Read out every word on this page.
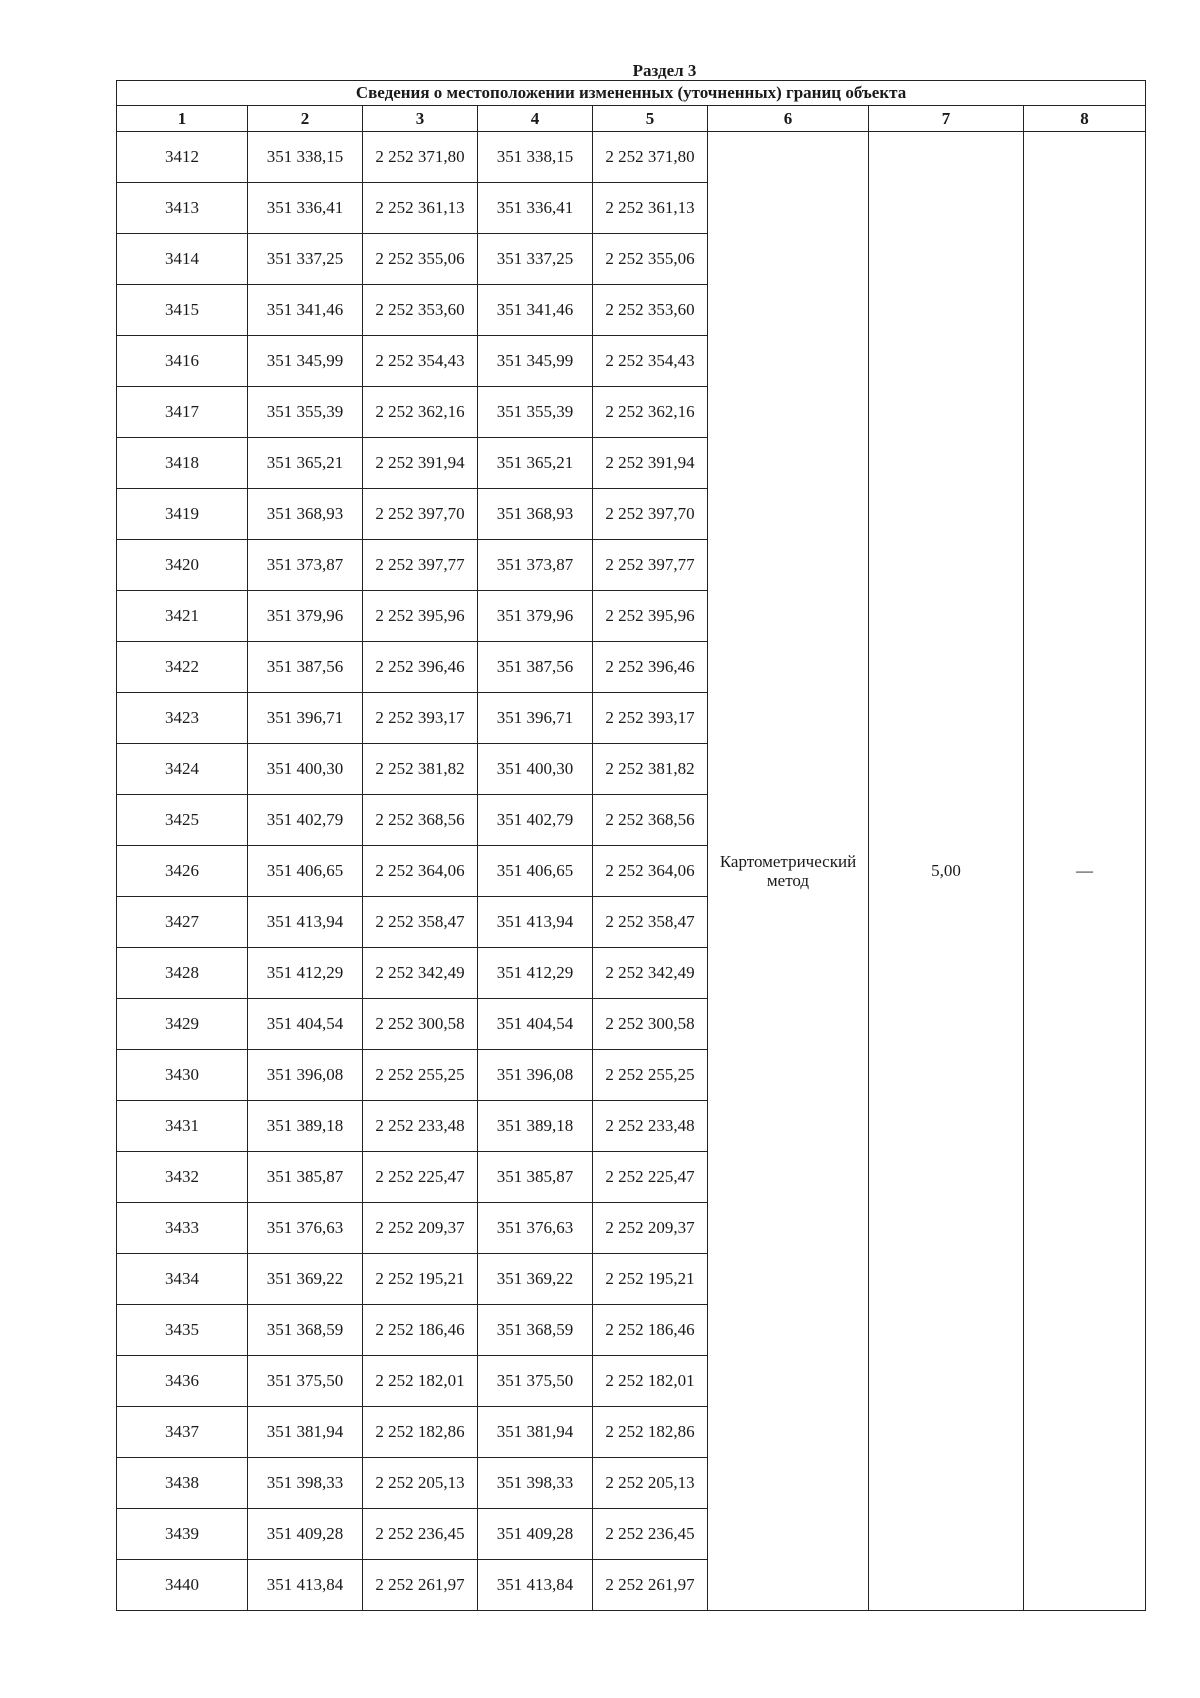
Раздел 3
Сведения о местоположении измененных (уточненных) границ объекта							
1	2	3	4	5	6	7	8
3412	351 338,15	2 252 371,80	351 338,15	2 252 371,80	Картометрический метод	5,00	—
3413	351 336,41	2 252 361,13	351 336,41	2 252 361,13			
3414	351 337,25	2 252 355,06	351 337,25	2 252 355,06			
3415	351 341,46	2 252 353,60	351 341,46	2 252 353,60			
3416	351 345,99	2 252 354,43	351 345,99	2 252 354,43			
3417	351 355,39	2 252 362,16	351 355,39	2 252 362,16			
3418	351 365,21	2 252 391,94	351 365,21	2 252 391,94			
3419	351 368,93	2 252 397,70	351 368,93	2 252 397,70			
3420	351 373,87	2 252 397,77	351 373,87	2 252 397,77			
3421	351 379,96	2 252 395,96	351 379,96	2 252 395,96			
3422	351 387,56	2 252 396,46	351 387,56	2 252 396,46			
3423	351 396,71	2 252 393,17	351 396,71	2 252 393,17			
3424	351 400,30	2 252 381,82	351 400,30	2 252 381,82			
3425	351 402,79	2 252 368,56	351 402,79	2 252 368,56			
3426	351 406,65	2 252 364,06	351 406,65	2 252 364,06			
3427	351 413,94	2 252 358,47	351 413,94	2 252 358,47			
3428	351 412,29	2 252 342,49	351 412,29	2 252 342,49			
3429	351 404,54	2 252 300,58	351 404,54	2 252 300,58			
3430	351 396,08	2 252 255,25	351 396,08	2 252 255,25			
3431	351 389,18	2 252 233,48	351 389,18	2 252 233,48			
3432	351 385,87	2 252 225,47	351 385,87	2 252 225,47			
3433	351 376,63	2 252 209,37	351 376,63	2 252 209,37			
3434	351 369,22	2 252 195,21	351 369,22	2 252 195,21			
3435	351 368,59	2 252 186,46	351 368,59	2 252 186,46			
3436	351 375,50	2 252 182,01	351 375,50	2 252 182,01			
3437	351 381,94	2 252 182,86	351 381,94	2 252 182,86			
3438	351 398,33	2 252 205,13	351 398,33	2 252 205,13			
3439	351 409,28	2 252 236,45	351 409,28	2 252 236,45			
3440	351 413,84	2 252 261,97	351 413,84	2 252 261,97			
